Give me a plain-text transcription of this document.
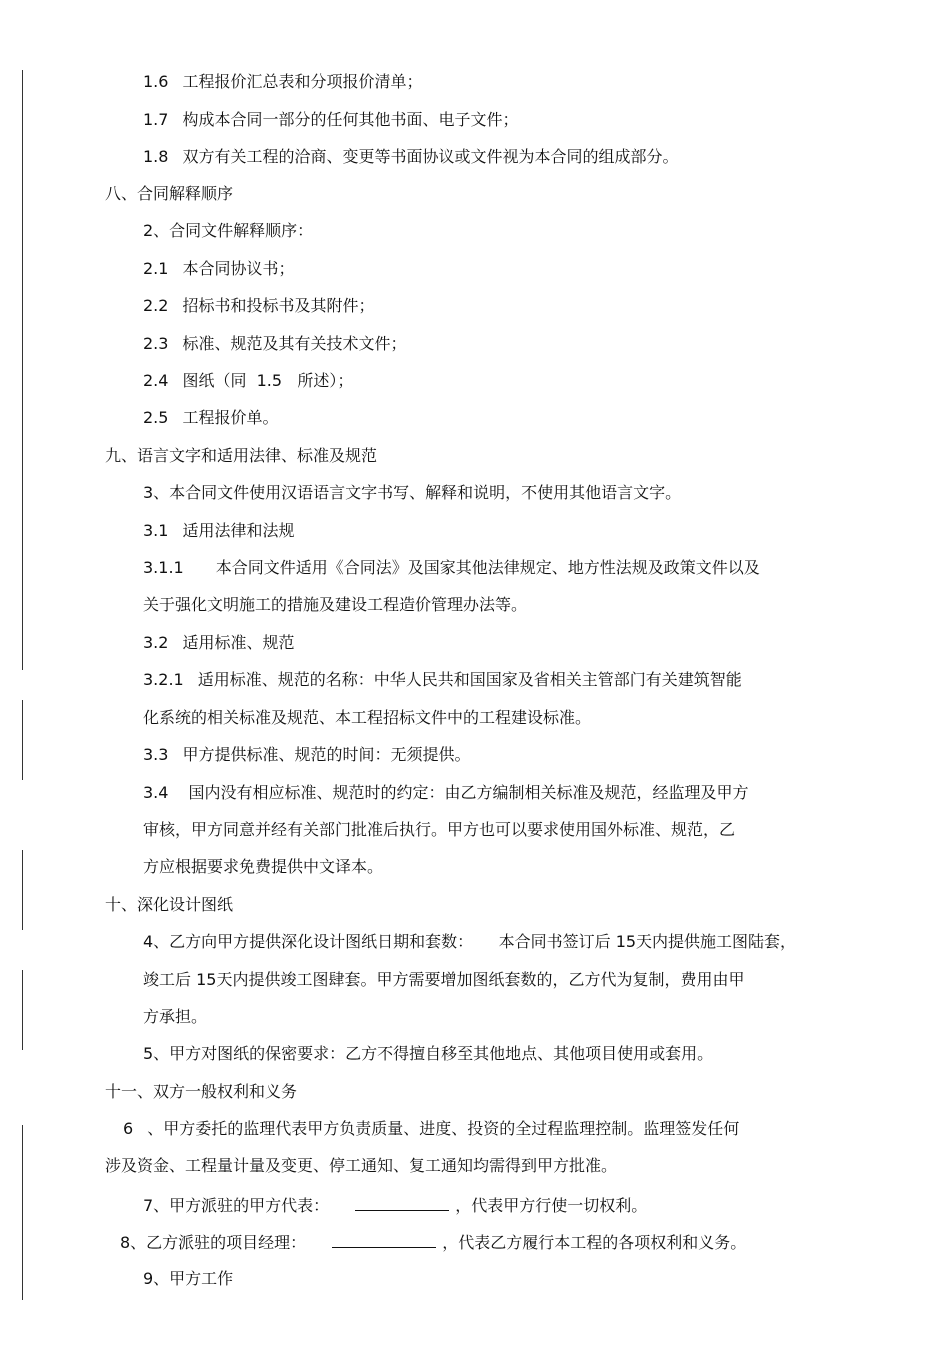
1.6 工程报价汇总表和分项报价清单；
1.7 构成本合同一部分的任何其他书面、电子文件；
1.8 双方有关工程的洽商、变更等书面协议或文件视为本合同的组成部分。
八、合同解释顺序
2、合同文件解释顺序：
2.1 本合同协议书；
2.2 招标书和投标书及其附件；
2.3 标准、规范及其有关技术文件；
2.4 图纸（同  1.5   所述）；
2.5 工程报价单。
九、语言文字和适用法律、标准及规范
3、本合同文件使用汉语语言文字书写、解释和说明，不使用其他语言文字。
3.1 适用法律和法规
3.1.1 本合同文件适用《合同法》及国家其他法律规定、地方性法规及政策文件以及
关于强化文明施工的措施及建设工程造价管理办法等。
3.2 适用标准、规范
3.2.1 适用标准、规范的名称：中华人民共和国国家及省相关主管部门有关建筑智能
化系统的相关标准及规范、本工程招标文件中的工程建设标准。
3.3 甲方提供标准、规范的时间：无须提供。
3.4 国内没有相应标准、规范时的约定：由乙方编制相关标准及规范，经监理及甲方
审核，甲方同意并经有关部门批准后执行。甲方也可以要求使用国外标准、规范，乙
方应根据要求免费提供中文译本。
十、深化设计图纸
4、乙方向甲方提供深化设计图纸日期和套数：     本合同书签订后 15天内提供施工图陆套，
竣工后 15天内提供竣工图肆套。甲方需要增加图纸套数的，乙方代为复制，费用由甲
方承担。
5、甲方对图纸的保密要求：乙方不得擅自移至其他地点、其他项目使用或套用。
十一、双方一般权利和义务
6 、甲方委托的监理代表甲方负责质量、进度、投资的全过程监理控制。监理签发任何
涉及资金、工程量计量及变更、停工通知、复工通知均需得到甲方批准。
7、甲方派驻的甲方代表：	，代表甲方行使一切权利。
8、乙方派驻的项目经理：	，代表乙方履行本工程的各项权利和义务。
9、甲方工作
